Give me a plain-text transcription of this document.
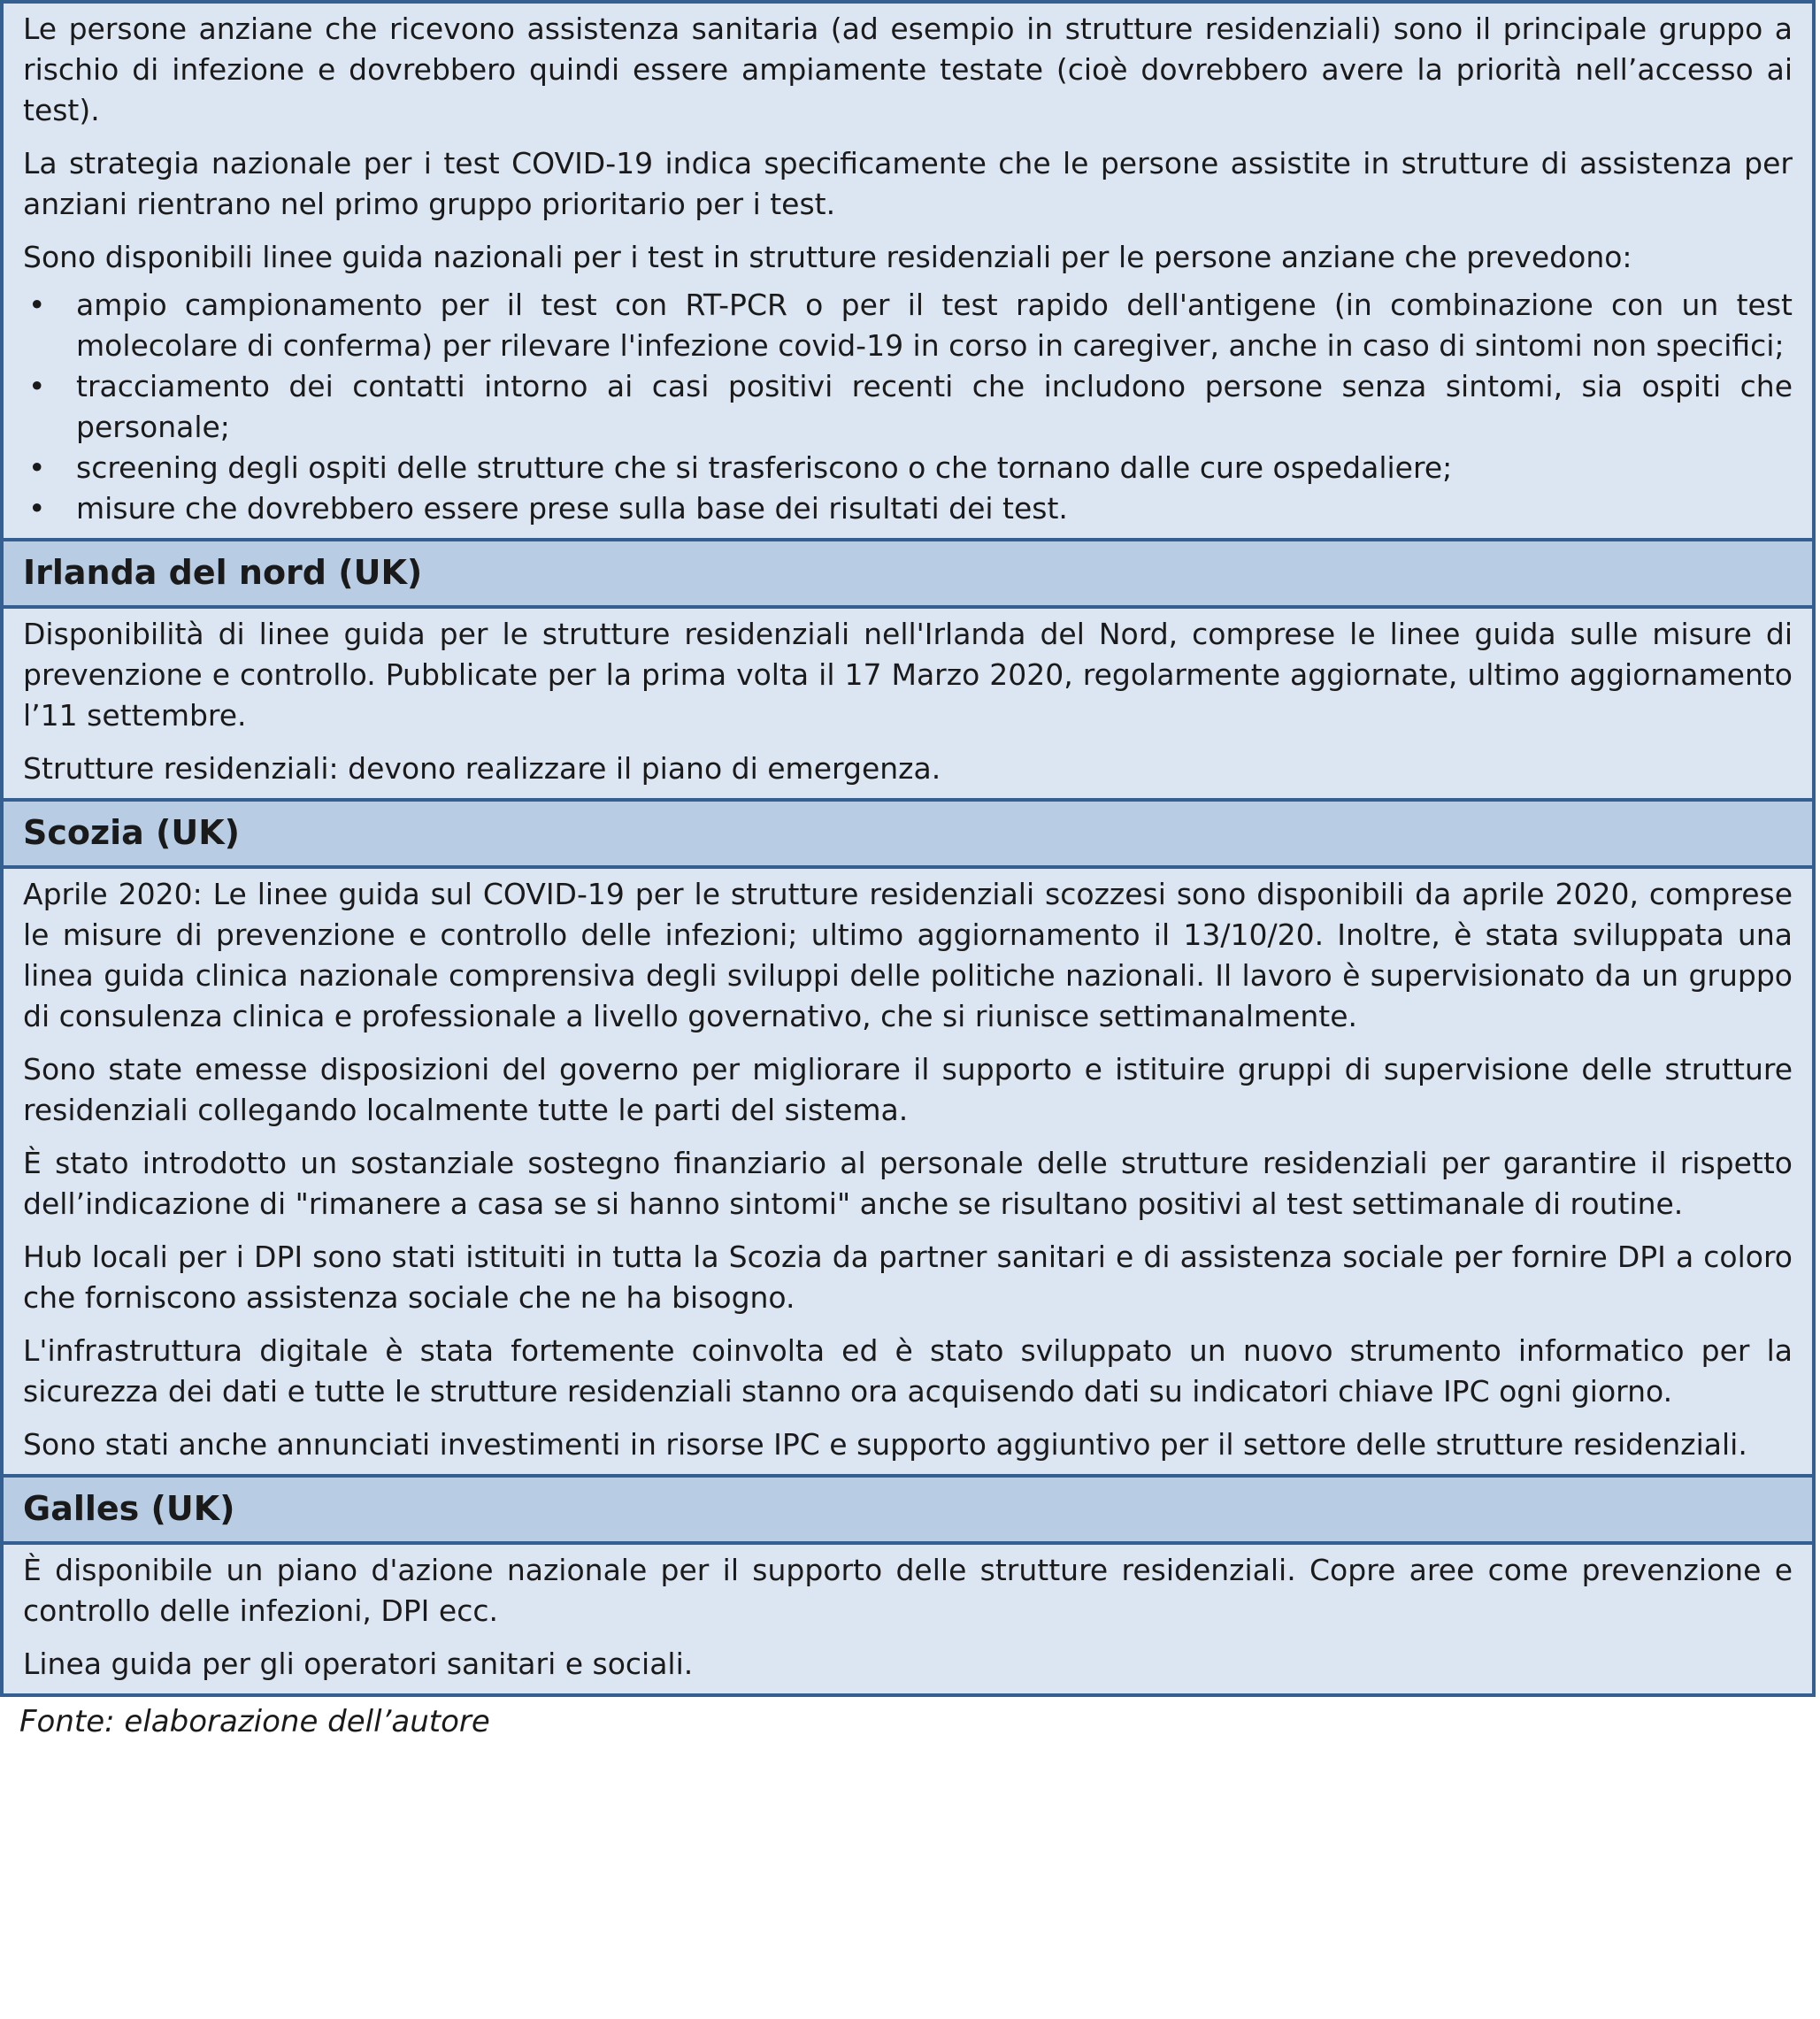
Le persone anziane che ricevono assistenza sanitaria (ad esempio in strutture residenziali) sono il principale gruppo a rischio di infezione e dovrebbero quindi essere ampiamente testate (cioè dovrebbero avere la priorità nell’accesso ai test).

La strategia nazionale per i test COVID-19 indica specificamente che le persone assistite in strutture di assistenza per anziani rientrano nel primo gruppo prioritario per i test.

Sono disponibili linee guida nazionali per i test in strutture residenziali per le persone anziane che prevedono:

• ampio campionamento per il test con RT-PCR o per il test rapido dell'antigene (in combinazione con un test molecolare di conferma) per rilevare l'infezione covid-19 in corso in caregiver, anche in caso di sintomi non specifici;
• tracciamento dei contatti intorno ai casi positivi recenti che includono persone senza sintomi, sia ospiti che personale;
• screening degli ospiti delle strutture che si trasferiscono o che tornano dalle cure ospedaliere;
• misure che dovrebbero essere prese sulla base dei risultati dei test.

Irlanda del nord (UK)

Disponibilità di linee guida per le strutture residenziali nell'Irlanda del Nord, comprese le linee guida sulle misure di prevenzione e controllo. Pubblicate per la prima volta il 17 Marzo 2020, regolarmente aggiornate, ultimo aggiornamento l’11 settembre.

Strutture residenziali: devono realizzare il piano di emergenza.

Scozia (UK)

Aprile 2020: Le linee guida sul COVID-19 per le strutture residenziali scozzesi sono disponibili da aprile 2020, comprese le misure di prevenzione e controllo delle infezioni; ultimo aggiornamento il 13/10/20. Inoltre, è stata sviluppata una linea guida clinica nazionale comprensiva degli sviluppi delle politiche nazionali. Il lavoro è supervisionato da un gruppo di consulenza clinica e professionale a livello governativo, che si riunisce settimanalmente.

Sono state emesse disposizioni del governo per migliorare il supporto e istituire gruppi di supervisione delle strutture residenziali collegando localmente tutte le parti del sistema.

È stato introdotto un sostanziale sostegno finanziario al personale delle strutture residenziali per garantire il rispetto dell’indicazione di "rimanere a casa se si hanno sintomi" anche se risultano positivi al test settimanale di routine.

Hub locali per i DPI sono stati istituiti in tutta la Scozia da partner sanitari e di assistenza sociale per fornire DPI a coloro che forniscono assistenza sociale che ne ha bisogno.

L'infrastruttura digitale è stata fortemente coinvolta ed è stato sviluppato un nuovo strumento informatico per la sicurezza dei dati e tutte le strutture residenziali stanno ora acquisendo dati su indicatori chiave IPC ogni giorno.

Sono stati anche annunciati investimenti in risorse IPC e supporto aggiuntivo per il settore delle strutture residenziali.

Galles (UK)

È disponibile un piano d'azione nazionale per il supporto delle strutture residenziali. Copre aree come prevenzione e controllo delle infezioni, DPI ecc.

Linea guida per gli operatori sanitari e sociali.

Fonte: elaborazione dell’autore
